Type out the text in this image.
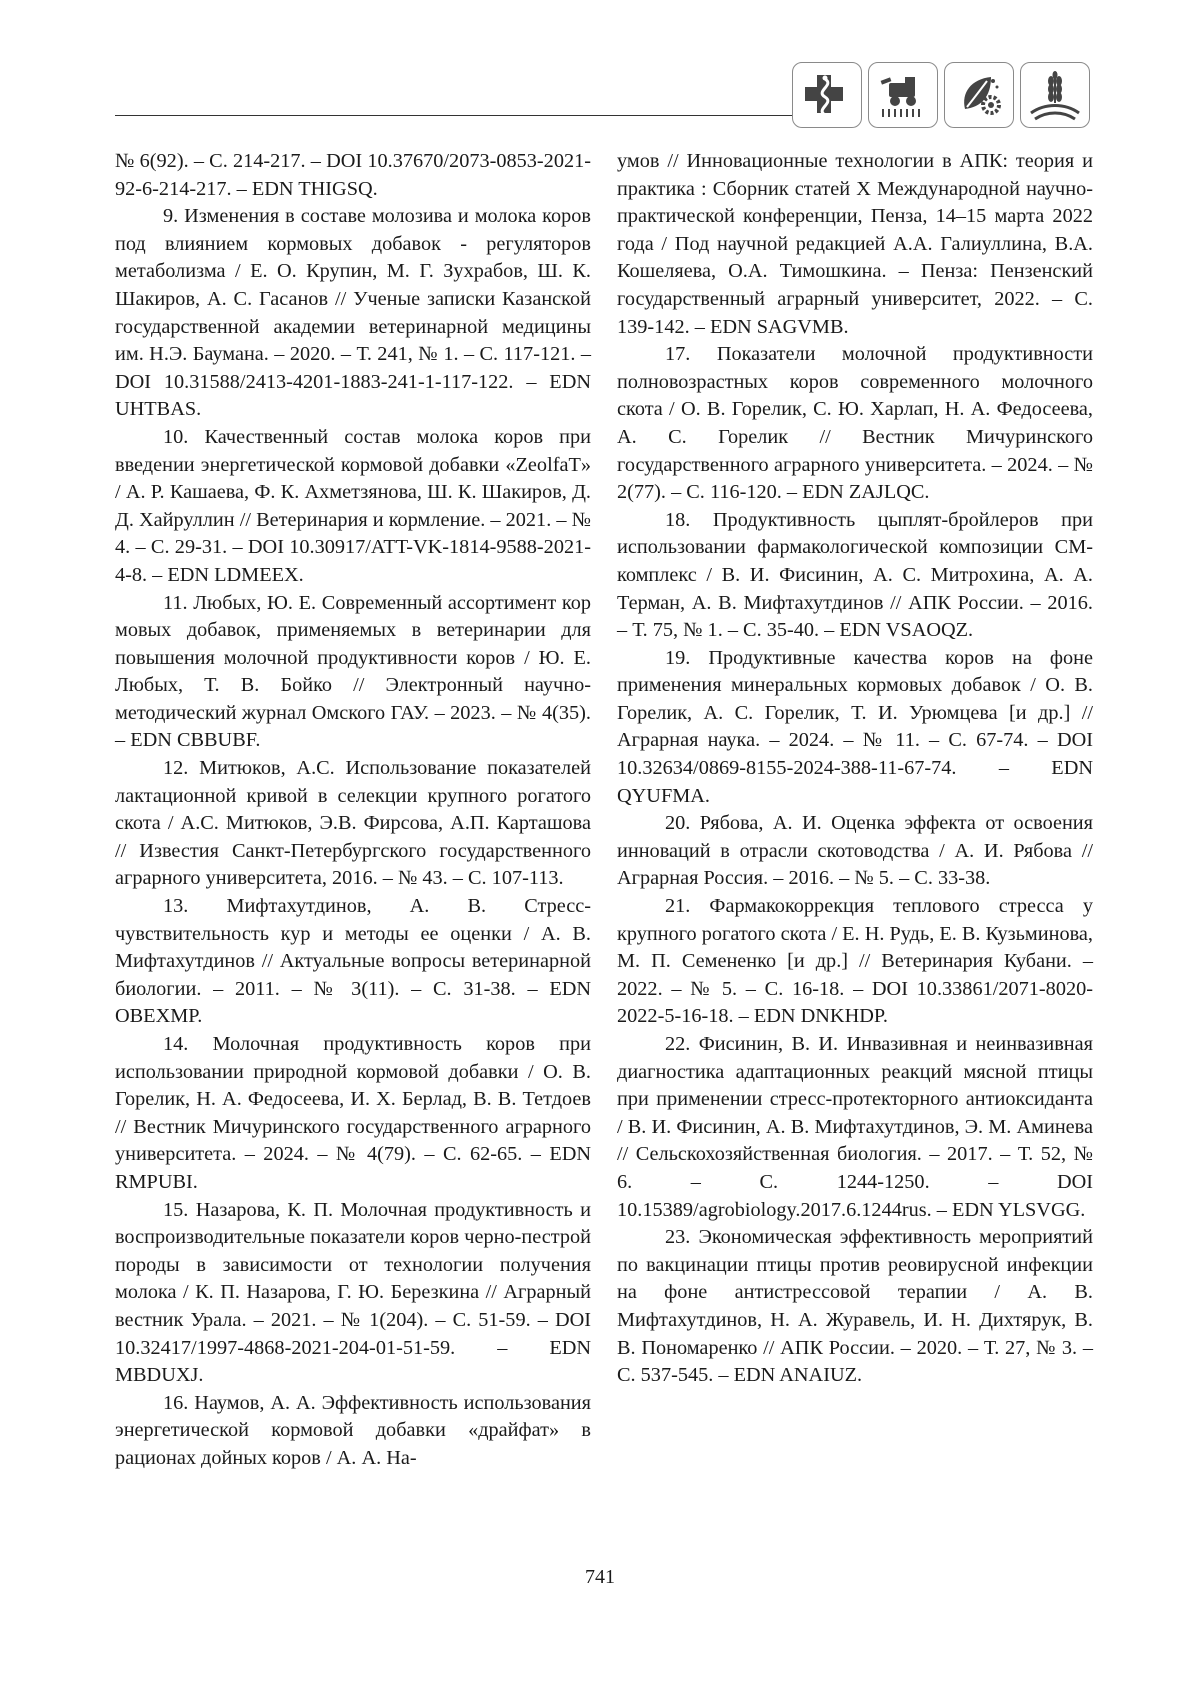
№ 6(92). – С. 214-217. – DOI 10.37670/2073-0853-2021-92-6-214-217. – EDN THIGSQ.

9. Изменения в составе молозива и молока коров под влиянием кормовых добавок - регуляторов метаболизма / Е. О. Крупин, М. Г. Зухрабов, Ш. К. Шакиров, А. С. Гасанов // Ученые записки Казанской государственной академии ветеринарной медицины им. Н.Э. Баумана. – 2020. – Т. 241, № 1. – С. 117-121. – DOI 10.31588/2413-4201-1883-241-1-117-122. – EDN UHTBAS.

10. Качественный состав молока коров при введении энергетической кормовой добавки «ZeolfaT» / А. Р. Кашаева, Ф. К. Ахметзянова, Ш. К. Шакиров, Д. Д. Хайруллин // Ветеринария и кормление. – 2021. – № 4. – С. 29-31. – DOI 10.30917/ATT-VK-1814-9588-2021-4-8. – EDN LDMEEX.

11. Любых, Ю. Е. Современный ассортимент кор мовых добавок, применяемых в ветеринарии для повышения молочной продуктивности коров / Ю. Е. Любых, Т. В. Бойко // Электронный научно-методический журнал Омского ГАУ. – 2023. – № 4(35). – EDN CBBUBF.

12. Митюков, А.С. Использование показателей лактационной кривой в селекции крупного рогатого скота / А.С. Митюков, Э.В. Фирсова, А.П. Карташова // Известия Санкт-Петербургского государственного аграрного университета, 2016. – № 43. – С. 107-113.

13. Мифтахутдинов, А. В. Стресс-чувствительность кур и методы ее оценки / А. В. Мифтахутдинов // Актуальные вопросы ветеринарной биологии. – 2011. – № 3(11). – С. 31-38. – EDN OBEXMP.

14. Молочная продуктивность коров при использовании природной кормовой добавки / О. В. Горелик, Н. А. Федосеева, И. Х. Берлад, В. В. Тетдоев // Вестник Мичуринского государственного аграрного университета. – 2024. – № 4(79). – С. 62-65. – EDN RMPUBI.

15. Назарова, К. П. Молочная продуктивность и воспроизводительные показатели коров черно-пестрой породы в зависимости от технологии получения молока / К. П. Назарова, Г. Ю. Березкина // Аграрный вестник Урала. – 2021. – № 1(204). – С. 51-59. – DOI 10.32417/1997-4868-2021-204-01-51-59. – EDN MBDUXJ.

16. Наумов, А. А. Эффективность использования энергетической кормовой добавки «драйфат» в рационах дойных коров / А. А. На-

умов // Инновационные технологии в АПК: теория и практика : Сборник статей X Международной научно-практической конференции, Пенза, 14–15 марта 2022 года / Под научной редакцией А.А. Галиуллина, В.А. Кошеляева, О.А. Тимошкина. – Пенза: Пензенский государственный аграрный университет, 2022. – С. 139-142. – EDN SAGVMB.

17. Показатели молочной продуктивности полновозрастных коров современного молочного скота / О. В. Горелик, С. Ю. Харлап, Н. А. Федосеева, А. С. Горелик // Вестник Мичуринского государственного аграрного университета. – 2024. – № 2(77). – С. 116-120. – EDN ZAJLQC.

18. Продуктивность цыплят-бройлеров при использовании фармакологической композиции СМ-комплекс / В. И. Фисинин, А. С. Митрохина, А. А. Терман, А. В. Мифтахутдинов // АПК России. – 2016. – Т. 75, № 1. – С. 35-40. – EDN VSAOQZ.

19. Продуктивные качества коров на фоне применения минеральных кормовых добавок / О. В. Горелик, А. С. Горелик, Т. И. Урюмцева [и др.] // Аграрная наука. – 2024. – № 11. – С. 67-74. – DOI 10.32634/0869-8155-2024-388-11-67-74. – EDN QYUFMA.

20. Рябова, А. И. Оценка эффекта от освоения инноваций в отрасли скотоводства / А. И. Рябова // Аграрная Россия. – 2016. – № 5. – С. 33-38.

21. Фармакокоррекция теплового стресса у крупного рогатого скота / Е. Н. Рудь, Е. В. Кузьминова, М. П. Семененко [и др.] // Ветеринария Кубани. – 2022. – № 5. – С. 16-18. – DOI 10.33861/2071-8020-2022-5-16-18. – EDN DNKHDP.

22. Фисинин, В. И. Инвазивная и неинвазивная диагностика адаптационных реакций мясной птицы при применении стресс-протекторного антиоксиданта / В. И. Фисинин, А. В. Мифтахутдинов, Э. М. Аминева // Сельскохозяйственная биология. – 2017. – Т. 52, № 6. – С. 1244-1250. – DOI 10.15389/agrobiology.2017.6.1244rus. – EDN YLSVGG.

23. Экономическая эффективность мероприятий по вакцинации птицы против реовирусной инфекции на фоне антистрессовой терапии / А. В. Мифтахутдинов, Н. А. Журавель, И. Н. Дихтярук, В. В. Пономаренко // АПК России. – 2020. – Т. 27, № 3. – С. 537-545. – EDN ANAIUZ.

741
